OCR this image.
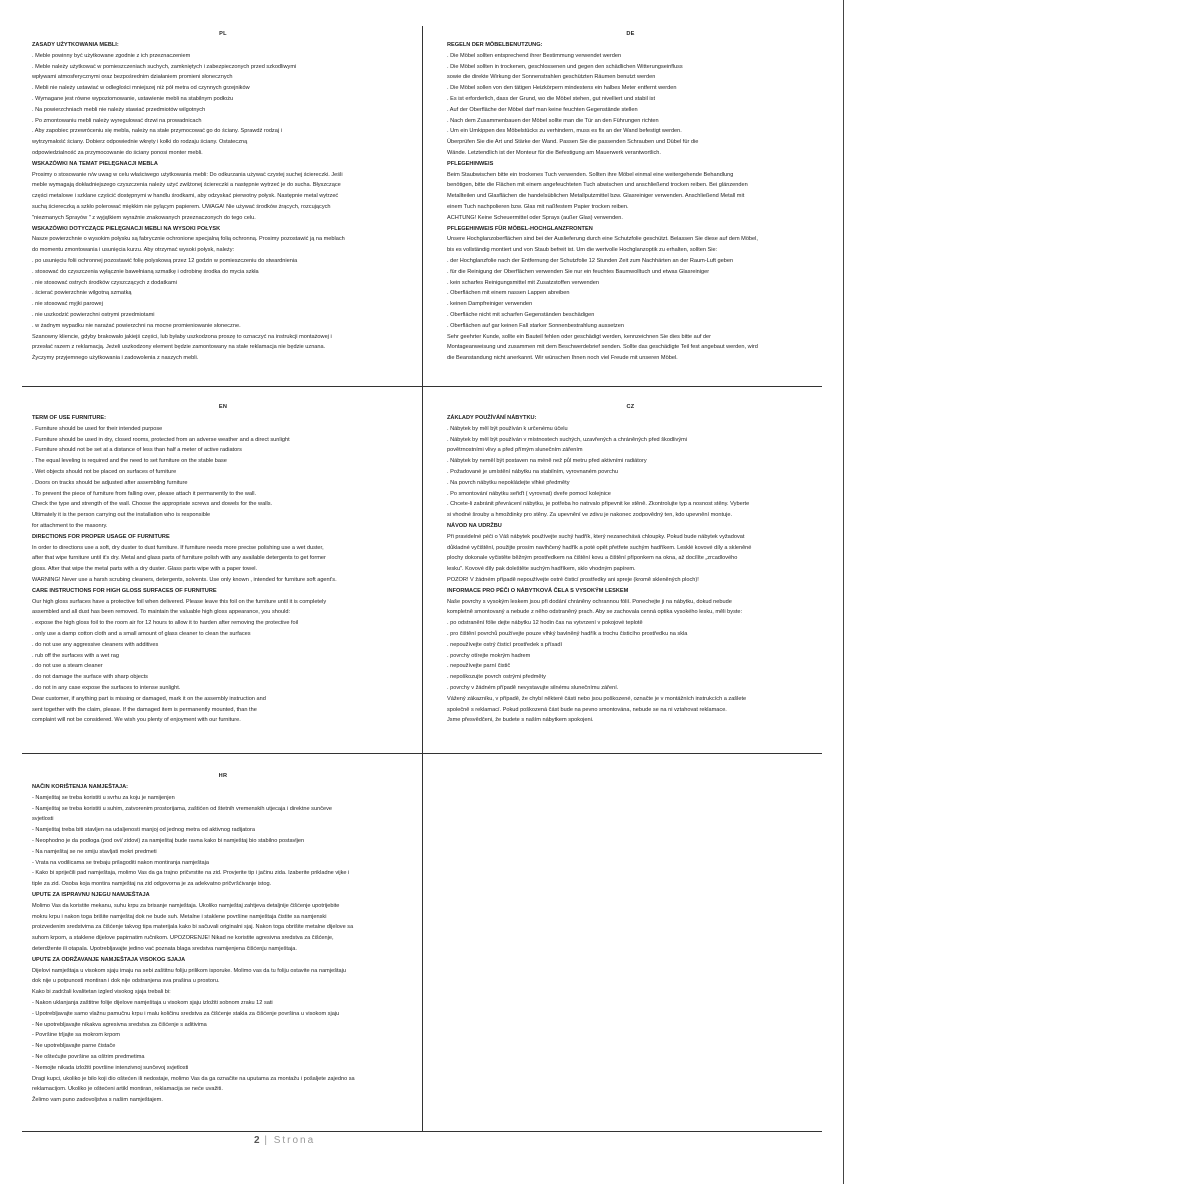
PL
ZASADY UŻYTKOWANIA MEBLI:
. Meble powinny być użytkowane zgodnie z ich przeznaczeniem
. Meble należy użytkować w pomieszczeniach suchych, zamkniętych i zabezpieczonych przed szkodliwymi
wpływami atmosferycznymi oraz bezpośrednim działaniem promieni słonecznych
. Mebli nie należy ustawiać w odległości mniejszej niż pół metra od czynnych grzejników
. Wymagane jest równe wypoziomowanie, ustawienie mebli na stabilnym podłożu
. Na powierzchniach mebli nie należy stawiać przedmiotów wilgotnych
. Po zmontowaniu mebli należy wyregulować drzwi na prowadnicach
. Aby zapobiec przewróceniu się mebla, należy na stałe przymocować go do ściany. Sprawdź rodzaj i
wytrzymałość ściany. Dobierz odpowiednie wkręty i kołki do rodzaju ściany. Ostateczną
odpowiedzialność za przymocowanie do ściany ponosi monter mebli.
WSKAZÓWKI NA TEMAT PIELĘGNACJI MEBLA
Prosimy o stosowanie n/w uwag w celu właściwego użytkowania mebli: Do odkurzania używać czystej suchej ściereczki. Jeśli
meble wymagają dokładniejszego czyszczenia należy użyć zwilżonej ściereczki a następnie wytrzeć je do sucha. Błyszczące
części metalowe i szklane czyścić dostępnymi w handlu środkami, aby odzyskać pierwotny połysk. Następnie metal wytrzeć
suchą ściereczką a szkło polerować miękkim nie pylącym papierem. UWAGA! Nie używać środków żrących, rozcujących
"niezmanych Sprayów " z wyjątkiem wyraźnie znakowanych przeznaczonych do tego celu.
WSKAZÓWKI DOTYCZĄCE PIELĘGNACJI MEBLI NA WYSOKI POŁYSK
Nasze powierzchnie o wysokim połysku są fabrycznie ochronione specjalną folią ochronną. Prosimy pozostawić ją na meblach
do momentu zmontowania i usunięcia kurzu. Aby otrzymać wysoki połysk, należy:
. po usunięciu folii ochronnej pozostawić folię polyskową przez 12 godzin w pomieszczeniu do stwardnienia
. stosować do czyszczenia wyłącznie bawełnianą szmatkę i odrobinę środka do mycia szkła
. nie stosować ostrych środków czyszczących z dodatkami
. ścierać powierzchnie wilgotną szmatką
. nie stosować myjki parowej
. nie uszkodzić powierzchni ostrymi przedmiotami
. w żadnym wypadku nie narażać powierzchni na mocne promieniowanie słoneczne.
Szanowny kliencie, gdyby brakowało jakiejś części, lub byłaby uszkodzona proszę to oznaczyć na instrukcji montażowej i
przesłać razem z reklamacją. Jeżeli uszkodzony element będzie zamontowany na stałe reklamacja nie będzie uznana.
Życzymy przyjemnego użytkowania i zadowolenia z naszych mebli.
DE
REGELN DER MÖBELBENUTZUNG:
. Die Möbel sollten entsprechend ihrer Bestimmung verwendet werden
. Die Möbel sollten in trockenen, geschlossenen und gegen den schädlichen Witterungseinfluss
sowie die direkte Wirkung der Sonnenstrahlen geschützten Räumen benutzt werden
. Die Möbel sollen von den tätigen Heizkörpern mindestens ein halbes Meter entfernt werden
. Es ist erforderlich, dass der Grund, wo die Möbel stehen, gut nivelliert und stabil ist
. Auf der Oberfläche der Möbel darf man keine feuchten Gegenstände stellen
. Nach dem Zusammenbauen der Möbel sollte man die Tür an den Führungen richten
. Um ein Umkippen des Möbelstücks zu verhindern, muss es fix an der Wand befestigt werden.
Überprüfen Sie die Art und Stärke der Wand. Passen Sie die passenden Schrauben und Dübel für die
Wände. Letztendlich ist der Monteur für die Befestigung am Mauerwerk verantwortlich.
PFLEGEHINWEIS
Beim Staubwischen bitte ein trockenes Tuch verwenden. Sollten ihre Möbel einmal eine weitergehende Behandlung
benötigen, bitte die Flächen mit einem angefeuchteten Tuch abwischen und anschließend trocken reiben. Bei glänzenden
Metallteilen und Glasflächen die handelsüblichen Metallputzmittel bzw. Glasreiniger verwenden. Anschließend Metall mit
einem Tuch nachpolieren bzw. Glas mit naßfestem Papier trocken reiben.
ACHTUNG! Keine Scheuermittel oder Sprays (außer Glas) verwenden.
PFLEGEHINWEIS FÜR MÖBEL-HOCHGLANZFRONTEN
Unsere Hochglanzoberflächen sind bei der Auslieferung durch eine Schutzfolie geschützt. Belassen Sie diese auf dem Möbel,
bis es vollständig montiert und von Staub befreit ist. Um die wertvolle Hochglanzoptik zu erhalten, sollten Sie:
. der Hochglanzfolie nach der Entfernung der Schutzfolie 12 Stunden Zeit zum Nachhärten an der Raum-Luft geben
. für die Reinigung der Oberflächen verwenden Sie nur ein feuchtes Baumwolltuch und etwas Glasreiniger
. kein scharfes Reinigungsmittel mit Zusatzstoffen verwenden
. Oberflächen mit einem nassen Lappen abreiben
. keinen Dampfreiniger verwenden
. Oberfläche nicht mit scharfen Gegenständen beschädigen
. Oberflächen auf gar keinen Fall starker Sonnenbestrahlung aussetzen
Sehr geehrter Kunde, sollte ein Bauteil fehlen oder geschädigt werden, kennzeichnen Sie dies bitte auf der
Montageanweisung und zusammen mit dem Beschwerdebrief senden. Sollte das geschädigte Teil fest angebaut werden, wird
die Beanstandung nicht anerkannt. Wir wünschen Ihnen noch viel Freude mit unseren Möbel.
EN
TERM OF USE FURNITURE:
. Furniture should be used for their intended purpose
. Furniture should be used in dry, closed rooms, protected from an adverse weather and a direct sunlight
. Furniture should not be set at a distance of less than half a meter of active radiators
. The equal leveling is required and the need to set furniture on the stable base
. Wet objects should not be placed on surfaces of furniture
. Doors on tracks should be adjusted after assembling furniture
. To prevent the piece of furniture from falling over, please attach it permanently to the wall.
Check the type and strength of the wall. Choose the appropriate screws and dowels for the walls.
Ultimately it is the person carrying out the installation who is responsible
for attachment to the masonry.
DIRECTIONS FOR PROPER USAGE OF FURNITURE
In order to directions use a soft, dry duster to dust furniture. If furniture needs more precise polishing use a wet duster,
after that wipe furniture until it's dry. Metal and glass parts of furniture polish with any available detergents to get former
gloss. After that wipe the metal parts with a dry duster. Glass parts wipe with a paper towel.
WARNING! Never use a harsh scrubing cleaners, detergents, solvents. Use only known , intended for furniture soft agent's.
CARE INSTRUCTIONS FOR HIGH GLOSS SURFACES OF FURNITURE
Our high gloss surfaces have a protective foil when delivered. Please leave this foil on the furniture until it is completely
assembled and all dust has been removed. To maintain the valuable high gloss appearance, you should:
. expose the high gloss foil to the room air for 12 hours to allow it to harden after removing the protective foil
. only use a damp cotton cloth and a small amount of glass cleaner to clean the surfaces
. do not use any aggressive cleaners with additives
. rub off the surfaces with a wet rag
. do not use a steam cleaner
. do not damage the surface with sharp objects
. do not in any case expose the surfaces to intense sunlight.
Dear customer, if anything part is missing or damaged, mark it on the assembly instruction and
sent together with the claim, please. If the damaged item is permanently mounted, than the
complaint will not be considered. We wish you plenty of enjoyment with our furniture.
CZ
ZÁKLADY POUŽÍVÁNÍ NÁBYTKU:
. Nábytek by měl být používán k určenému účelu
. Nábytek by měl být používán v místnostech suchých, uzavřených a chráněných před škodlivými
povětrnostními vlivy a před přímým slunečním zářením
. Nábytek by neměl být postaven na méně než půl metru před aktivními radiátory
. Požadované je umístění nábytku na stabilním, vyrovnaném povrchu
. Na povrch nábytku nepokládejte vlhké předměty
. Po smontování nábytku seřiďt ( vyrovnat) dveře pomocí kolejnice
. Chcete-li zabránit převrácení nábytku, je potřeba ho natrvalo připevnit ke stěně. Zkontrolujte typ a nosnost stěny. Vyberte
si vhodné šrouby a hmoždinky pro stěny. Za upevnění ve zdivu je nakonec zodpovědný ten, kdo upevnění montuje.
NÁVOD NA UDRŽBU
Při pravidelné péči o Váš nábytek používejte suchý hadřík, který nezanechává chloupky. Pokud bude nábytek vyžadovat
důkladné vyčištění, použijte prosím navlhčený hadřík a poté opět přetřete suchým hadříkem. Lesklé kovové díly a skleněné
plochy dokonale vyčistěte běžným prostředkem na čištění kovu a čištění příponkem na okna, až docílíte „zrcadlového
lesku". Kovové díly pak doleštěte suchým hadříkem, sklo vhodným papírem.
POZOR! V žádném případě nepoužívejte ostré čisticí prostředky ani spreje (kromě skleněných ploch)!
INFORMACE PRO PÉČI O NÁBYTKOVÁ ČELA S VYSOKÝM LESKEM
Naše povrchy s vysokým leskem jsou při dodání chráněny ochrannou fólií. Ponechejte ji na nábytku, dokud nebude
kompletně smontovaný a nebude z něho odstraněný prach. Aby se zachovala cenná optika vysokého lesku, měli byste:
. po odstranění fólie dejte nábytku 12 hodin čas na vytvrzení v pokojové teplotě
. pro čištění povrchů používejte pouze vlhký bavlněný hadřík a trochu čisticího prostředku na skla
. nepoužívejte ostrý čisticí prostředek s přísadí
. povrchy otírejte mokrým hadrem
. nepoužívejte parní čistič
. nepoškozujte povrch ostrými předměty
. povrchy v žádném případě nevystavujte silnému slunečnímu záření.
Vážený zákazníku, v případě, že chybí některé části nebo jsou poškozené, označte je v montážních instrukcích a zašlete
společně s reklamací. Pokud poškozená část bude na pevno smontována, nebude se na ni vztahovat reklamace.
Jsme přesvědčeni, že budete s naším nábytkem spokojeni.
HR
NAČIN KORIŠTENJA NAMJEŠTAJA:
- Namještaj se treba koristiti u svrhu za koju je namijenjen
- Namještaj se treba koristiti u suhim, zatvorenim prostorijama, zaštićen od štetnih vremenskih utjecaja i direktne sunčeve
svjetlosti
- Namještaj treba biti stavljen na udaljenosti manjoj od jednog metra od aktivnog radijatora
- Neophodno je da podloga (pod ovi/ zidovi) za namještaj bude ravna kako bi namještaj bio stabilno postavljen
- Na namještaj se ne smiju stavljati mokri predmeti
- Vrata na vodilicama se trebaju prilagoditi nakon montiranja namještaja
- Kako bi spriječili pad namještaja, molimo Vas da ga trajno pričvrstite na zid. Provjerite tip i jačinu zida. Izaberite prikladne vijke i
tiple za zid. Osoba koja montira namještaj na zid odgovorna je za adekvatno pričvršćivanje istog.
UPUTE ZA ISPRAVNU NJEGU NAMJEŠTAJA
Molimo Vas da koristite mekanu, suhu krpu za brisanje namještaja. Ukoliko namještaj zahtjeva detaljnije čišćenje upotrijebite
mokru krpu i nakon toga brišite namještaj dok ne bude suh. Metalne i staklene površine namještaja čistite sa namjenski
proizvedenim sredstvima za čišćenje takvog tipa materijala kako bi sačuvali originalni sjaj. Nakon toga obrišite metalne dijelove sa
suhom krpom, a staklene dijelove papirnatim ručnikom. UPOZORENJE! Nikad ne koristite agresivna sredstva za čišćenje,
deterdžente ili otapala. Upotrebljavajte jedino vać poznata blaga sredstva namijenjena čišćenju namještaja.
UPUTE ZA ODRŽAVANJE NAMJEŠTAJA VISOKOG SJAJA
Dijelovi namještaja u visokom sjaju imaju na sebi zaštitnu foliju prilikom isporuke. Molimo vas da tu foliju ostavite na namještaju
dok nije u potpunosti montiran i dok nije odstranjena sva prašina u prostoru.
Kako bi zadržali kvalitetan izgled visokog sjaja trebali bi:
- Nakon uklanjanja zaštitne folije dijelove namještaja u visokom sjaju izložiti sobnom zraku 12 sati
- Upotrebljavajte samo vlažnu pamučnu krpu i malu količinu sredstva za čišćenje stakla za čišćenje površina u visokom sjaju
- Ne upotrebljavajte nikakva agresivna sredstva za čišćenje s aditivima
- Površine trljajte sa mokrom krpom
- Ne upotrebljavajte parne čistače
- Ne oštećujte površine sa oštrim predmetima
- Nemojte nikada izložiti površine intenzivnoj sunčevoj svjetlosti
Dragi kupci, ukoliko je bilo koji dio oštećen ili nedostaje, molimo Vas da ga označite na uputama za montažu i pošaljete zajedno sa
reklamacijom. Ukoliko je oštećeni artikl montiran, reklamacija se neće uvažiti.
Želimo vam puno zadovoljstva s našim namještajem.
2 | Strona
